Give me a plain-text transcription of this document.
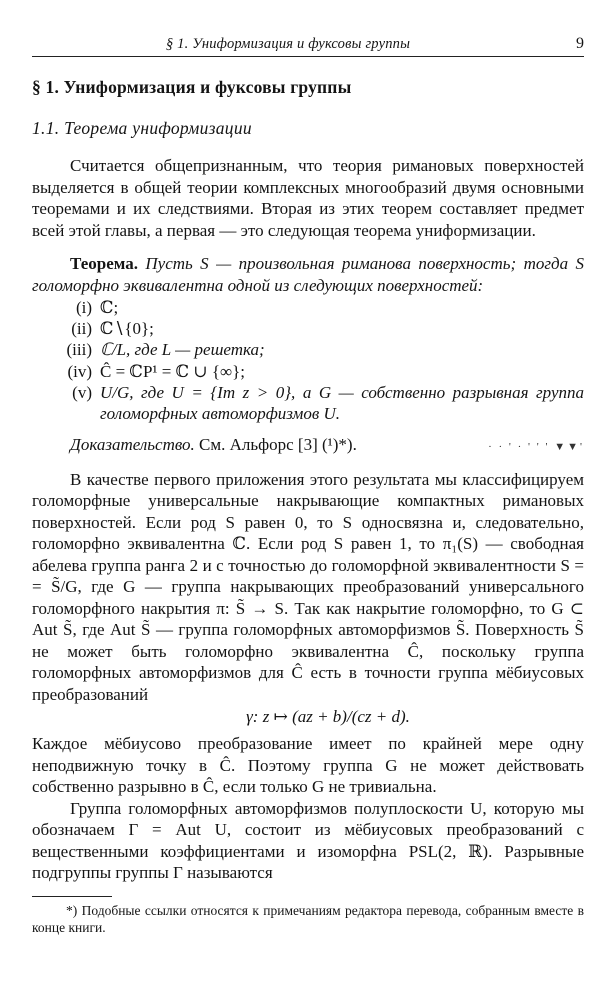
§ 1. Униформизация и фуксовы группы	9
§ 1. Униформизация и фуксовы группы
1.1. Теорема униформизации

Считается общепризнанным, что теория римановых поверхностей выделяется в общей теории комплексных многообразий двумя основными теоремами и их следствиями. Вторая из этих теорем составляет предмет всей этой главы, а первая — это следующая теорема униформизации.

Теорема. Пусть S — произвольная риманова поверхность; тогда S голоморфно эквивалентна одной из следующих поверхностей:

(i) ℂ;
(ii) ℂ∖{0};
(iii) ℂ/L, где L — решетка;
(iv) Ĉ = ℂP¹ = ℂ ∪ {∞};
(v) U/G, где U = {Im z > 0}, а G — собственно разрывная группа голоморфных автоморфизмов U.

Доказательство. См. Альфорс [3] (¹)*).	· · ' · ' ' ' ▼▼'

В качестве первого приложения этого результата мы классифицируем голоморфные универсальные накрывающие компактных римановых поверхностей. Если род S равен 0, то S односвязна и, следовательно, голоморфно эквивалентна ℂ. Если род S равен 1, то π₁(S) — свободная абелева группа ранга 2 и с точностью до голоморфной эквивалентности S = = S̃/G, где G — группа накрывающих преобразований универсального голоморфного накрытия π: S̃ → S. Так как накрытие голоморфно, то G ⊂ Aut S̃, где Aut S̃ — группа голоморфных автоморфизмов S̃. Поверхность S̃ не может быть голоморфно эквивалентна Ĉ, поскольку группа голоморфных автоморфизмов для Ĉ есть в точности группа мёбиусовых преобразований

γ: z ↦ (az + b)/(cz + d).

Каждое мёбиусово преобразование имеет по крайней мере одну неподвижную точку в Ĉ. Поэтому группа G не может действовать собственно разрывно в Ĉ, если только G не тривиальна.

Группа голоморфных автоморфизмов полуплоскости U, которую мы обозначаем Γ = Aut U, состоит из мёбиусовых преобразований с вещественными коэффициентами и изоморфна PSL(2, ℝ). Разрывные подгруппы группы Γ называются

*) Подобные ссылки относятся к примечаниям редактора перевода, собранным вместе в конце книги.
